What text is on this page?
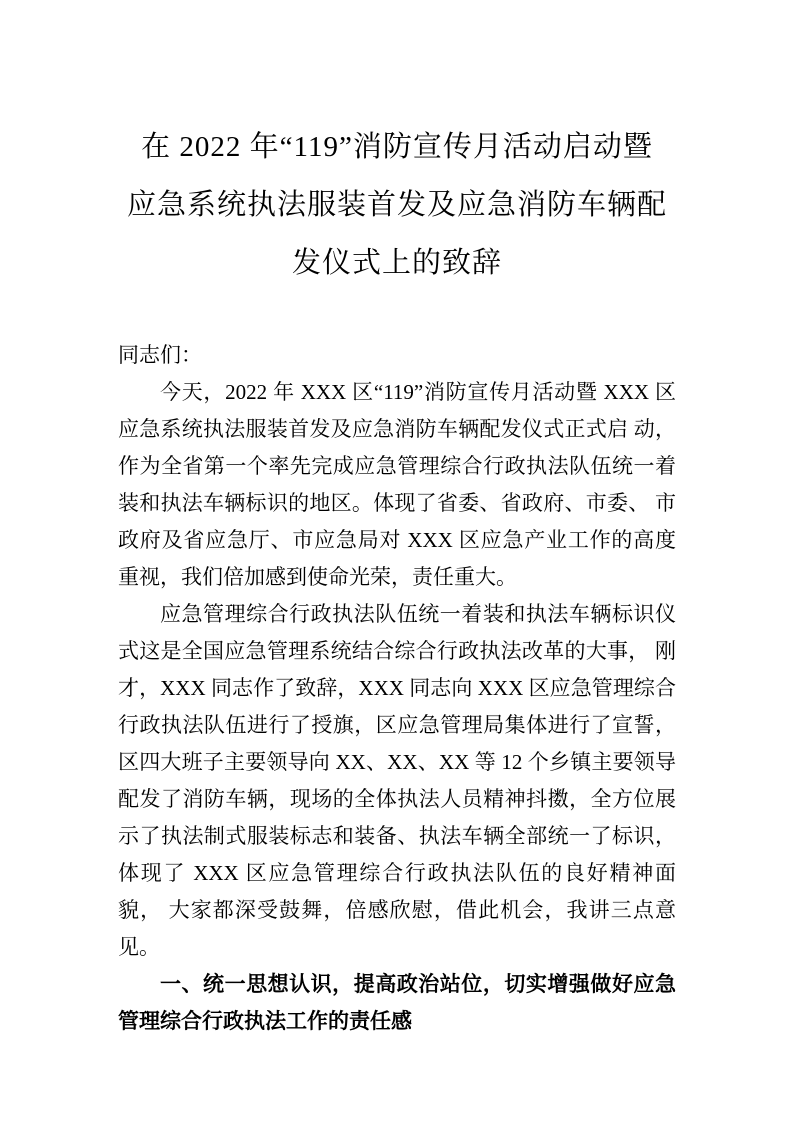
在 2022 年“119”消防宣传月活动启动暨
应急系统执法服装首发及应急消防车辆配
发仪式上的致辞

同志们：

今天，2022 年 XXX 区“119”消防宣传月活动暨 XXX 区应急系统执法服装首发及应急消防车辆配发仪式正式启 动，作为全省第一个率先完成应急管理综合行政执法队伍统一着装和执法车辆标识的地区。体现了省委、省政府、市委、 市政府及省应急厅、市应急局对 XXX 区应急产业工作的高度重视，我们倍加感到使命光荣，责任重大。

应急管理综合行政执法队伍统一着装和执法车辆标识仪式这是全国应急管理系统结合综合行政执法改革的大事， 刚才，XXX 同志作了致辞，XXX 同志向 XXX 区应急管理综合行政执法队伍进行了授旗，区应急管理局集体进行了宣誓，区四大班子主要领导向 XX、XX、XX 等 12 个乡镇主要领导配发了消防车辆，现场的全体执法人员精神抖擞，全方位展示了执法制式服装标志和装备、执法车辆全部统一了标识， 体现了 XXX 区应急管理综合行政执法队伍的良好精神面貌， 大家都深受鼓舞，倍感欣慰，借此机会，我讲三点意见。

一、统一思想认识，提高政治站位，切实增强做好应急管理综合行政执法工作的责任感
